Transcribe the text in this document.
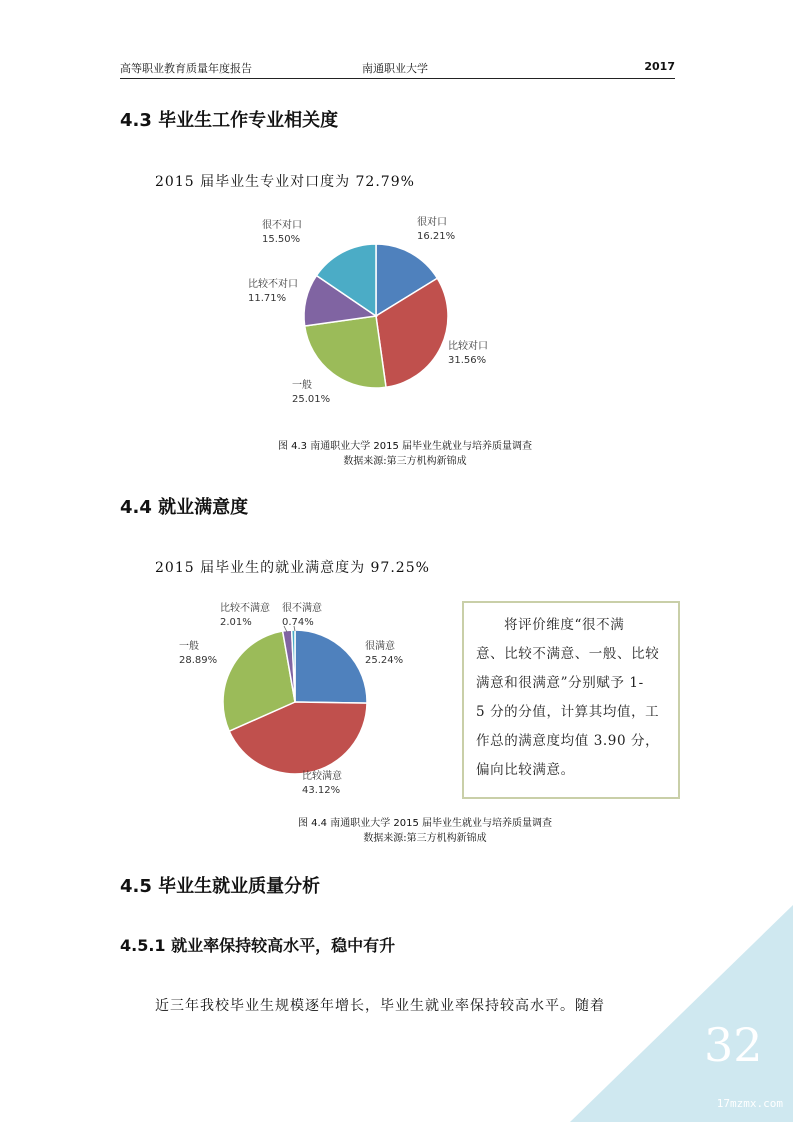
高等职业教育质量年度报告	南通职业大学	2017
4.3 毕业生工作专业相关度
2015 届毕业生专业对口度为 72.79%
很对口
16.21%
比较对口
31.56%
一般
25.01%
比较不对口
11.71%
很不对口
15.50%
图 4.3 南通职业大学 2015 届毕业生就业与培养质量调查
数据来源:第三方机构新锦成
4.4 就业满意度
2015 届毕业生的就业满意度为 97.25%
很满意
25.24%
比较满意
43.12%
一般
28.89%
比较不满意
2.01%
很不满意
0.74%	将评价维度“很不满
意、比较不满意、一般、比较
满意和很满意”分别赋予 1-
5 分的分值，计算其均值，工
作总的满意度均值 3.90 分，
偏向比较满意。
图 4.4 南通职业大学 2015 届毕业生就业与培养质量调查
数据来源:第三方机构新锦成
4.5 毕业生就业质量分析
4.5.1 就业率保持较高水平，稳中有升
近三年我校毕业生规模逐年增长，毕业生就业率保持较高水平。随着
32
17mzmx.com
